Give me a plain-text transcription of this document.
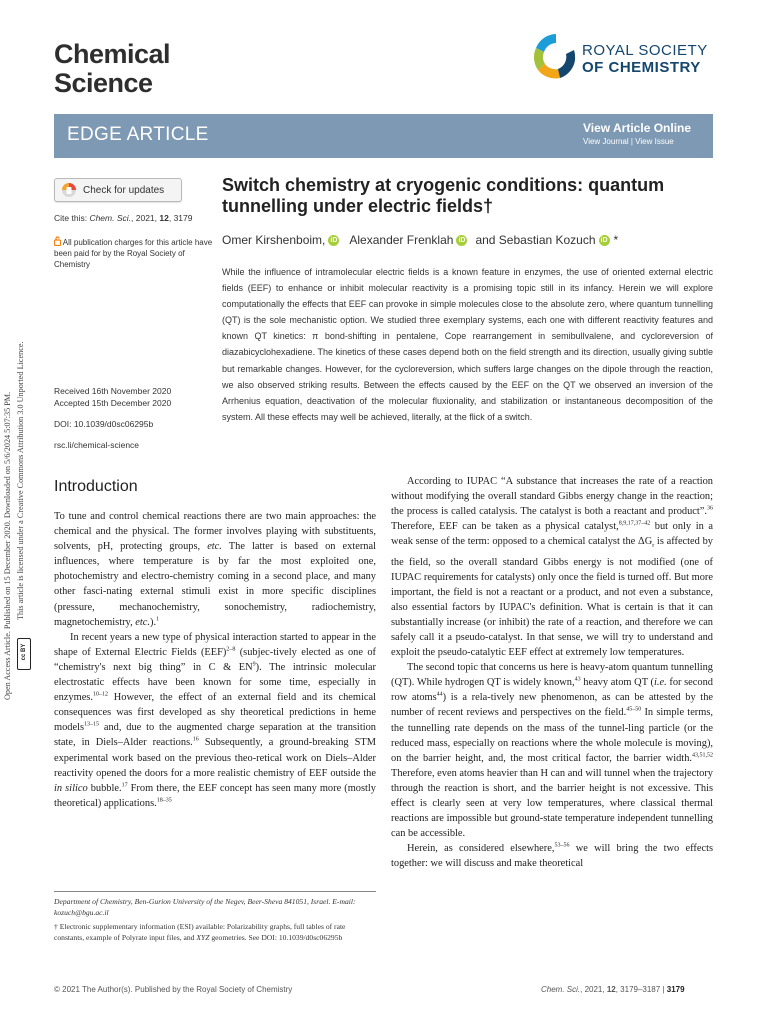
Chemical
Science
ROYAL SOCIETY
OF CHEMISTRY
EDGE ARTICLE	View Article Online
View Journal | View Issue
Check for updates
Cite this: Chem. Sci., 2021, 12, 3179
All publication charges for this article have been paid for by the Royal Society of Chemistry
Received 16th November 2020
Accepted 15th December 2020
DOI: 10.1039/d0sc06295b
rsc.li/chemical-science
Switch chemistry at cryogenic conditions: quantum tunnelling under electric fields†
Omer Kirshenboim, iD Alexander Frenklah iD and Sebastian Kozuch iD *
While the influence of intramolecular electric fields is a known feature in enzymes, the use of oriented external electric fields (EEF) to enhance or inhibit molecular reactivity is a promising topic still in its infancy. Herein we will explore computationally the effects that EEF can provoke in simple molecules close to the absolute zero, where quantum tunnelling (QT) is the sole mechanistic option. We studied three exemplary systems, each one with different reactivity features and known QT kinetics: π bond-shifting in pentalene, Cope rearrangement in semibullvalene, and cycloreversion of diazabicyclohexadiene. The kinetics of these cases depend both on the field strength and its direction, usually giving subtle but remarkable changes. However, for the cycloreversion, which suffers large changes on the dipole through the reaction, we also observed striking results. Between the effects caused by the EEF on the QT we observed an inversion of the Arrhenius equation, deactivation of the molecular fluxionality, and stabilization or instantaneous decomposition of the system. All these effects may well be achieved, literally, at the flick of a switch.
Introduction

To tune and control chemical reactions there are two main approaches: the chemical and the physical. The former involves playing with substituents, solvents, pH, protecting groups, etc. The latter is based on external influences, where temperature is by far the most exploited one, photochemistry and electro-chemistry coming in a second place, and many other fasci-nating external stimuli exist in more specific disciplines (pressure, mechanochemistry, sonochemistry, radiochemistry, magnetochemistry, etc.).$^1$

In recent years a new type of physical interaction started to appear in the shape of External Electric Fields (EEF)$^{2-8}$ (subjec-tively elected as one of “chemistry's next big thing” in C & $EN^9$). The intrinsic molecular electrostatic effects have been known for some time, especially in enzymes.$^{10-12}$ However, the effect of an external field and its chemical consequences was first developed as shy theoretical predictions in heme models$^{13-15}$ and, due to the augmented charge separation at the transition state, in Diels–Alder reactions.$^{16}$ Subsequently, a ground-breaking STM experimental work based on the previous theo-retical work on Diels–Alder reactivity opened the doors for a more realistic chemistry of EEF outside the in silico bubble.$^{17}$ From there, the EEF concept has seen many more (mostly theoretical) applications.$^{18-35}$

According to IUPAC “A substance that increases the rate of a reaction without modifying the overall standard Gibbs energy change in the reaction; the process is called catalysis. The catalyst is both a reactant and product”.$^{36}$ Therefore, EEF can be taken as a physical catalyst,$^{8,9,17,37-42}$ but only in a weak sense of the term: opposed to a chemical catalyst the $\Delta G_r$ is affected by the field, so the overall standard Gibbs energy is not modified (one of IUPAC requirements for catalysts) only once the field is turned off. But more important, the field is not a reactant or a product, and not even a substance, also essential factors by IUPAC's definition. What is certain is that it can substantially increase (or inhibit) the rate of a reaction, and therefore we can safely call it a pseudo-catalyst. In that sense, we will try to understand and exploit the pseudo-catalytic EEF effect at extremely low temperatures.

The second topic that concerns us here is heavy-atom quantum tunnelling (QT). While hydrogen QT is widely known,$^{43}$ heavy atom QT (i.e. for second row atoms$^{44}$) is a rela-tively new phenomenon, as can be attested by the number of recent reviews and perspectives on the field.$^{45-50}$ In simple terms, the tunnelling rate depends on the mass of the tunnel-ling particle (or the reduced mass, especially on reactions where the whole molecule is moving), on the barrier height, and, the most critical factor, the barrier width.$^{43,51,52}$ Therefore, even atoms heavier than H can and will tunnel when the trajectory through the reaction is short, and the barrier height is not excessive. This effect is clearly seen at very low temperatures, where classical thermal reactions are impossible but ground-state temperature independent tunnelling can be accessible.

Herein, as considered elsewhere,$^{53-56}$ we will bring the two effects together: we will discuss and make theoretical

Department of Chemistry, Ben-Gurion University of the Negev, Beer-Sheva 841051, Israel. E-mail: kozuch@bgu.ac.il

† Electronic supplementary information (ESI) available: Polarizability graphs, full tables of rate constants, example of Polyrate input files, and XYZ geometries. See DOI: 10.1039/d0sc06295b

© 2021 The Author(s). Published by the Royal Society of Chemistry	Chem. Sci., 2021, 12, 3179–3187 | 3179
Open Access Article. Published on 15 December 2020. Downloaded on 5/6/2024 5:07:35 PM. This article is licensed under a Creative Commons Attribution 3.0 Unported Licence.
cc BY
